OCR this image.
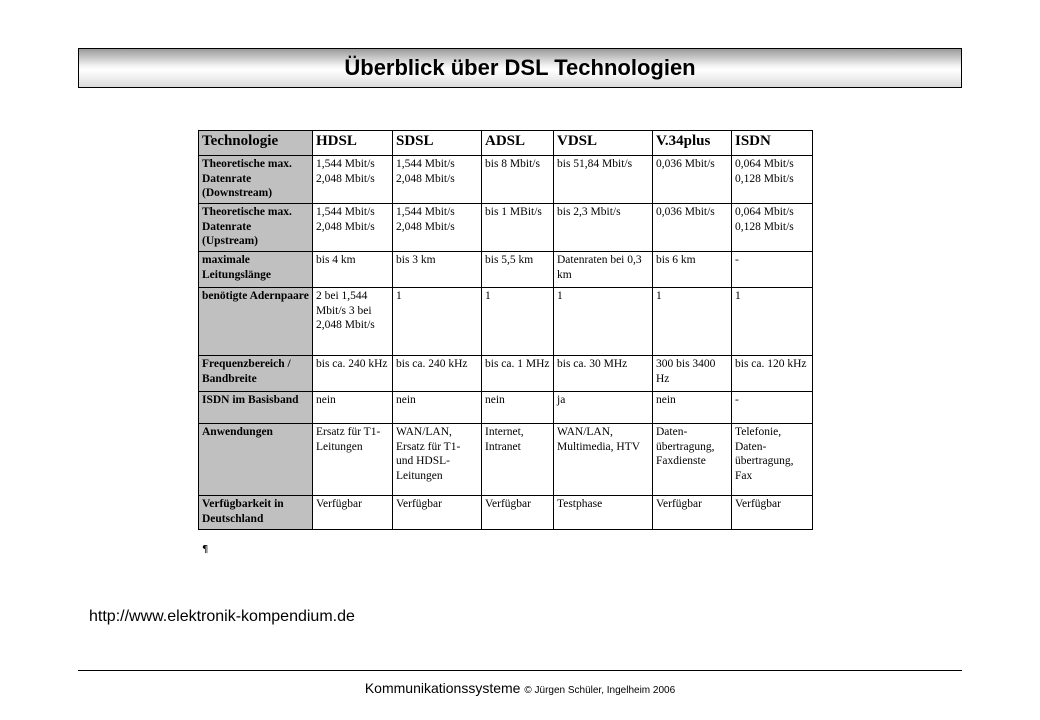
Überblick über DSL Technologien
Technologie	HDSL	SDSL	ADSL	VDSL	V.34plus	ISDN
Theoretische max. Datenrate (Downstream)	1,544 Mbit/s 2,048 Mbit/s	1,544 Mbit/s 2,048 Mbit/s	bis 8 Mbit/s	bis 51,84 Mbit/s	0,036 Mbit/s	0,064 Mbit/s 0,128 Mbit/s
Theoretische max. Datenrate (Upstream)	1,544 Mbit/s 2,048 Mbit/s	1,544 Mbit/s 2,048 Mbit/s	bis 1 MBit/s	bis 2,3 Mbit/s	0,036 Mbit/s	0,064 Mbit/s 0,128 Mbit/s
maximale Leitungslänge	bis 4 km	bis 3 km	bis 5,5 km	Datenraten bei 0,3 km	bis 6 km	-
benötigte Adernpaare	2 bei 1,544 Mbit/s 3 bei 2,048 Mbit/s	1	1	1	1	1
Frequenzbereich / Bandbreite	bis ca. 240 kHz	bis ca. 240 kHz	bis ca. 1 MHz	bis ca. 30 MHz	300 bis 3400 Hz	bis ca. 120 kHz
ISDN im Basisband	nein	nein	nein	ja	nein	-
Anwendungen	Ersatz für T1-Leitungen	WAN/LAN, Ersatz für T1- und HDSL-Leitungen	Internet, Intranet	WAN/LAN, Multimedia, HTV	Daten-übertragung, Faxdienste	Telefonie, Daten-übertragung, Fax
Verfügbarkeit in Deutschland	Verfügbar	Verfügbar	Verfügbar	Testphase	Verfügbar	Verfügbar
¶
http://www.elektronik-kompendium.de
Kommunikationssysteme © Jürgen Schüler, Ingelheim 2006
